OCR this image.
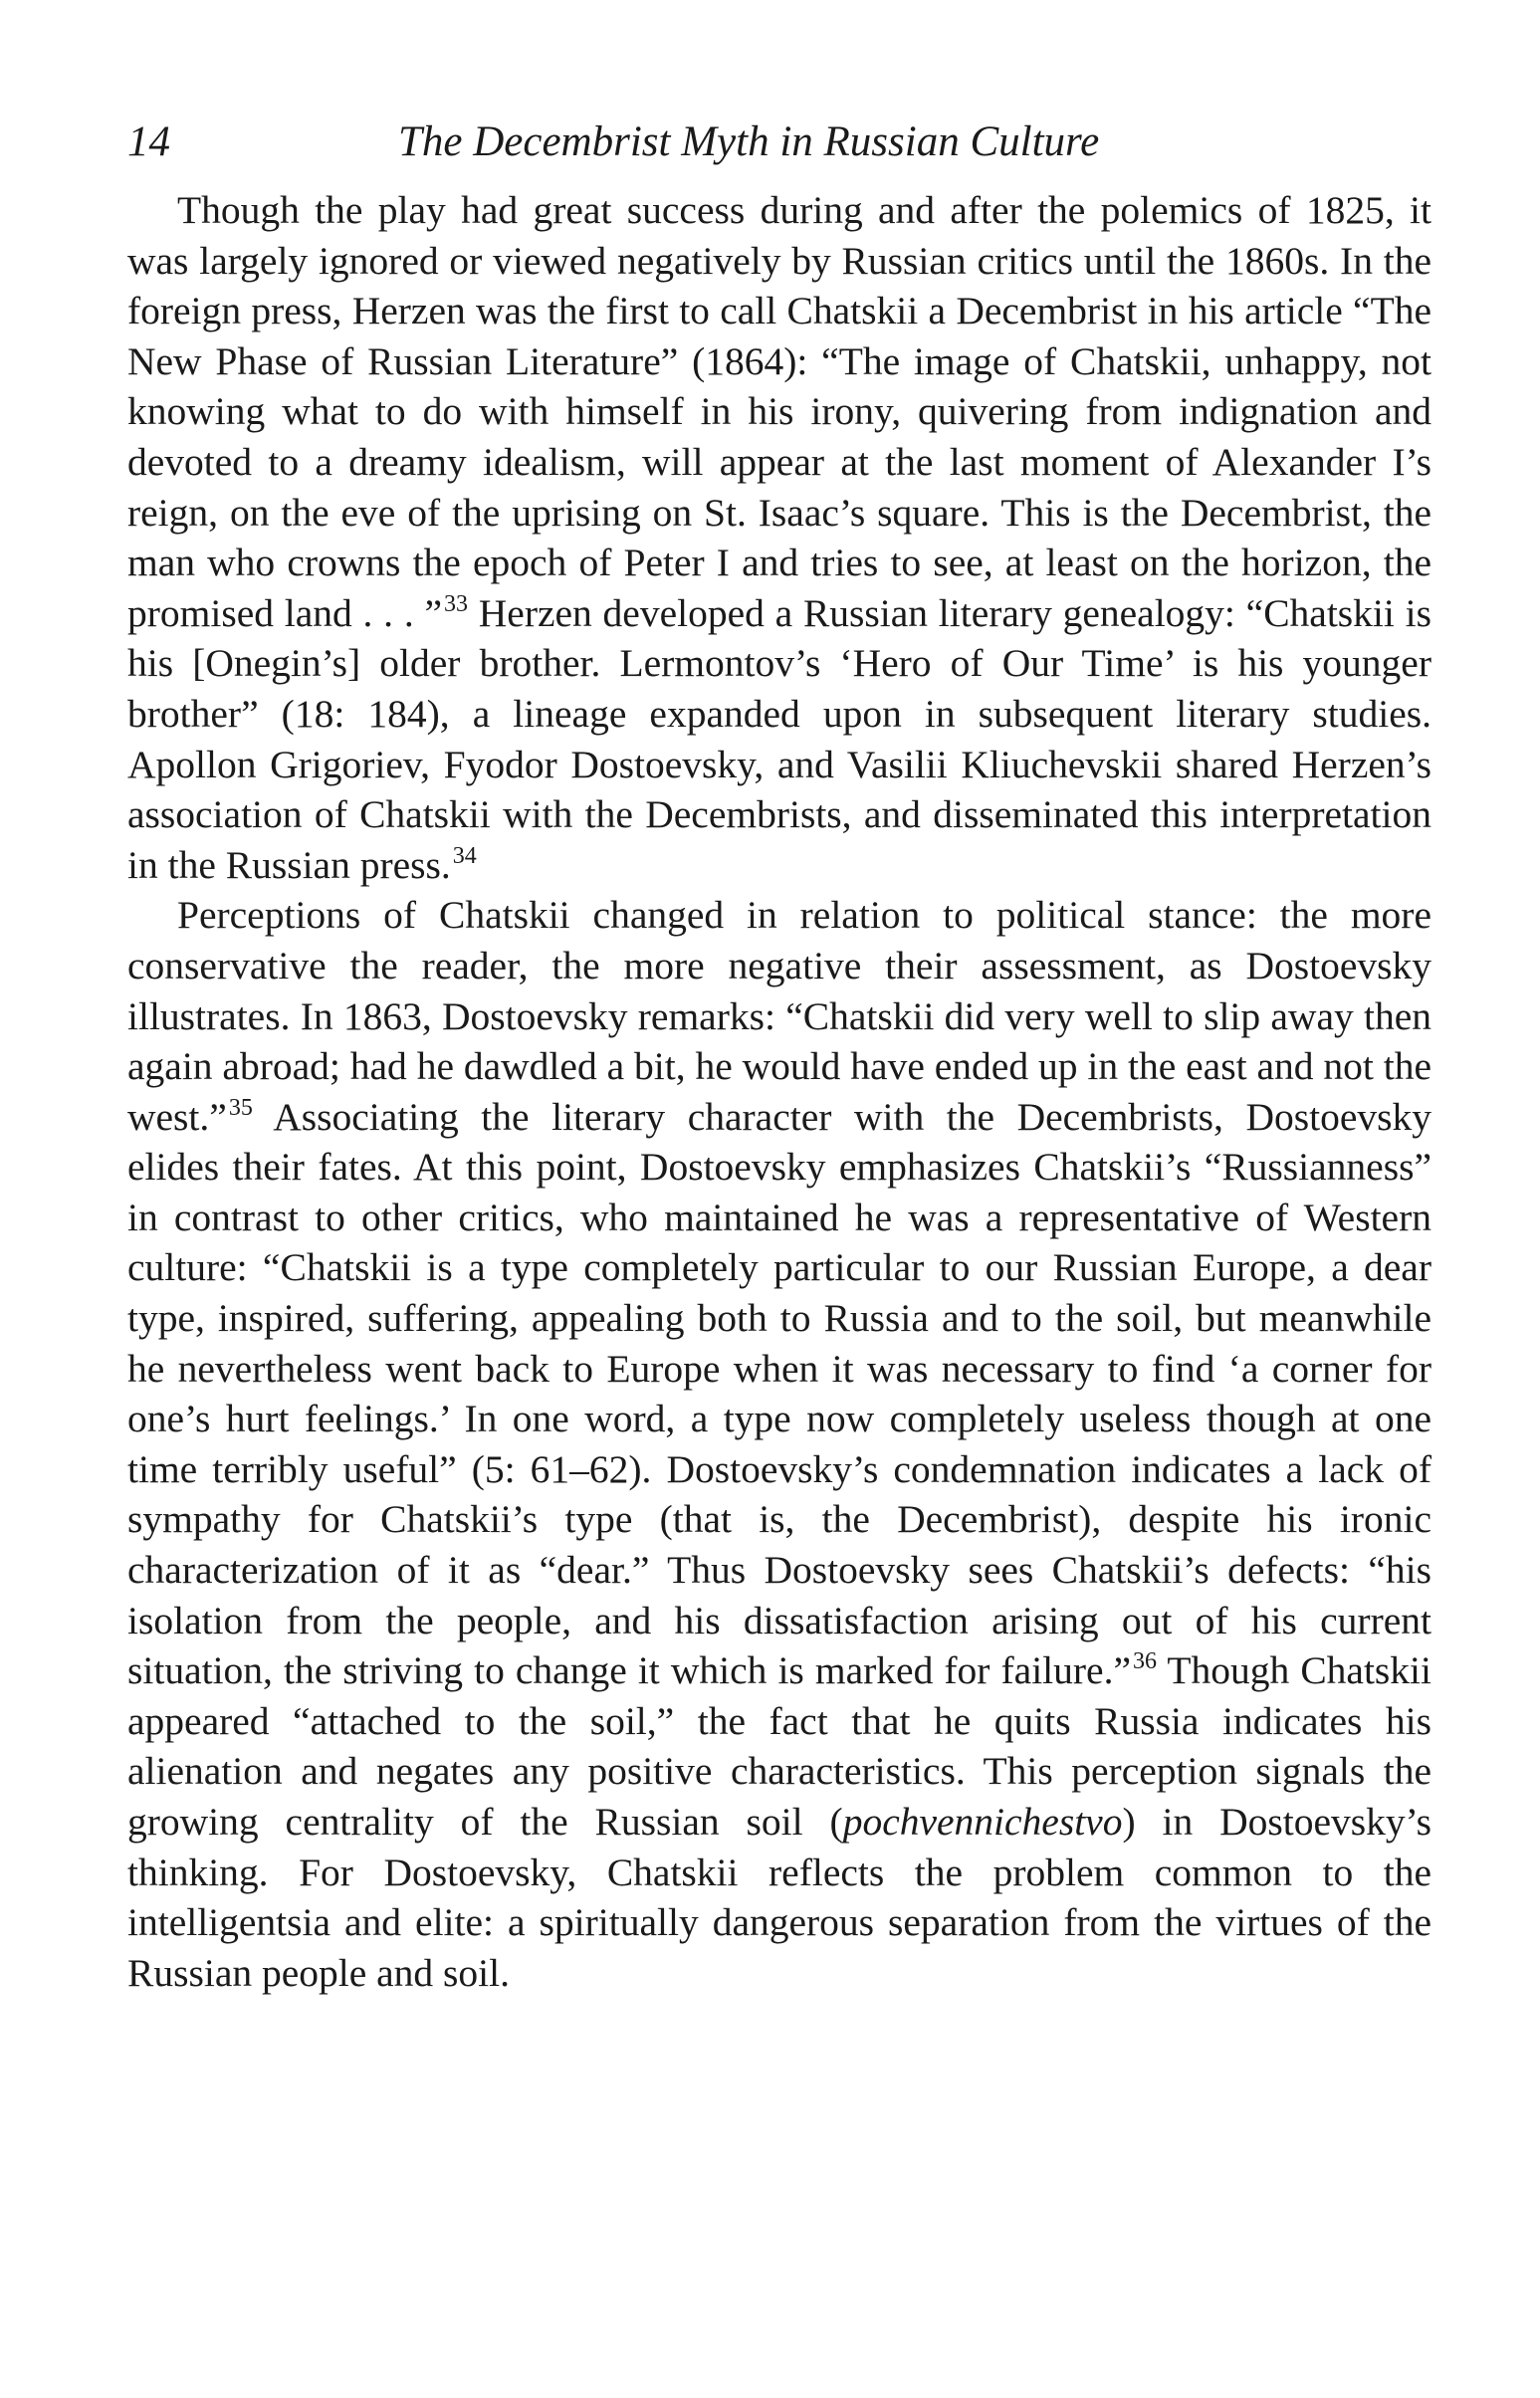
14	The Decembrist Myth in Russian Culture

Though the play had great success during and after the polemics of 1825, it was largely ignored or viewed negatively by Russian critics until the 1860s. In the foreign press, Herzen was the first to call Chatskii a Decembrist in his article “The New Phase of Russian Literature” (1864): “The image of Chatskii, unhappy, not knowing what to do with himself in his irony, quivering from indignation and devoted to a dreamy idealism, will appear at the last moment of Alexander I’s reign, on the eve of the uprising on St. Isaac’s square. This is the Decembrist, the man who crowns the epoch of Peter I and tries to see, at least on the horizon, the promised land . . . ”$^{33}$ Herzen developed a Russian literary genealogy: “Chatskii is his [Onegin’s] older brother. Lermontov’s ‘Hero of Our Time’ is his younger brother” (18: 184), a lineage expanded upon in subsequent literary studies. Apollon Grigoriev, Fyodor Dostoevsky, and Vasilii Kliuchevskii shared Herzen’s association of Chatskii with the Decembrists, and disseminated this interpretation in the Russian press.$^{34}$

Perceptions of Chatskii changed in relation to political stance: the more conservative the reader, the more negative their assessment, as Dostoevsky illustrates. In 1863, Dostoevsky remarks: “Chatskii did very well to slip away then again abroad; had he dawdled a bit, he would have ended up in the east and not the west.”$^{35}$ Associating the literary character with the Decembrists, Dostoevsky elides their fates. At this point, Dostoevsky emphasizes Chatskii’s “Russianness” in contrast to other critics, who maintained he was a representative of Western culture: “Chatskii is a type completely particular to our Russian Europe, a dear type, inspired, suffering, appealing both to Russia and to the soil, but meanwhile he nevertheless went back to Europe when it was necessary to find ‘a corner for one’s hurt feelings.’ In one word, a type now completely useless though at one time terribly useful” (5: 61–62). Dostoevsky’s condemnation indicates a lack of sympathy for Chatskii’s type (that is, the Decembrist), despite his ironic characterization of it as “dear.” Thus Dostoevsky sees Chatskii’s defects: “his isolation from the people, and his dissatisfaction arising out of his current situation, the striving to change it which is marked for failure.”$^{36}$ Though Chatskii appeared “attached to the soil,” the fact that he quits Russia indicates his alienation and negates any positive characteristics. This perception signals the growing centrality of the Russian soil (pochvennichestvo) in Dostoevsky’s thinking. For Dostoevsky, Chatskii reflects the problem common to the intelligentsia and elite: a spiritually dangerous separation from the virtues of the Russian people and soil.
